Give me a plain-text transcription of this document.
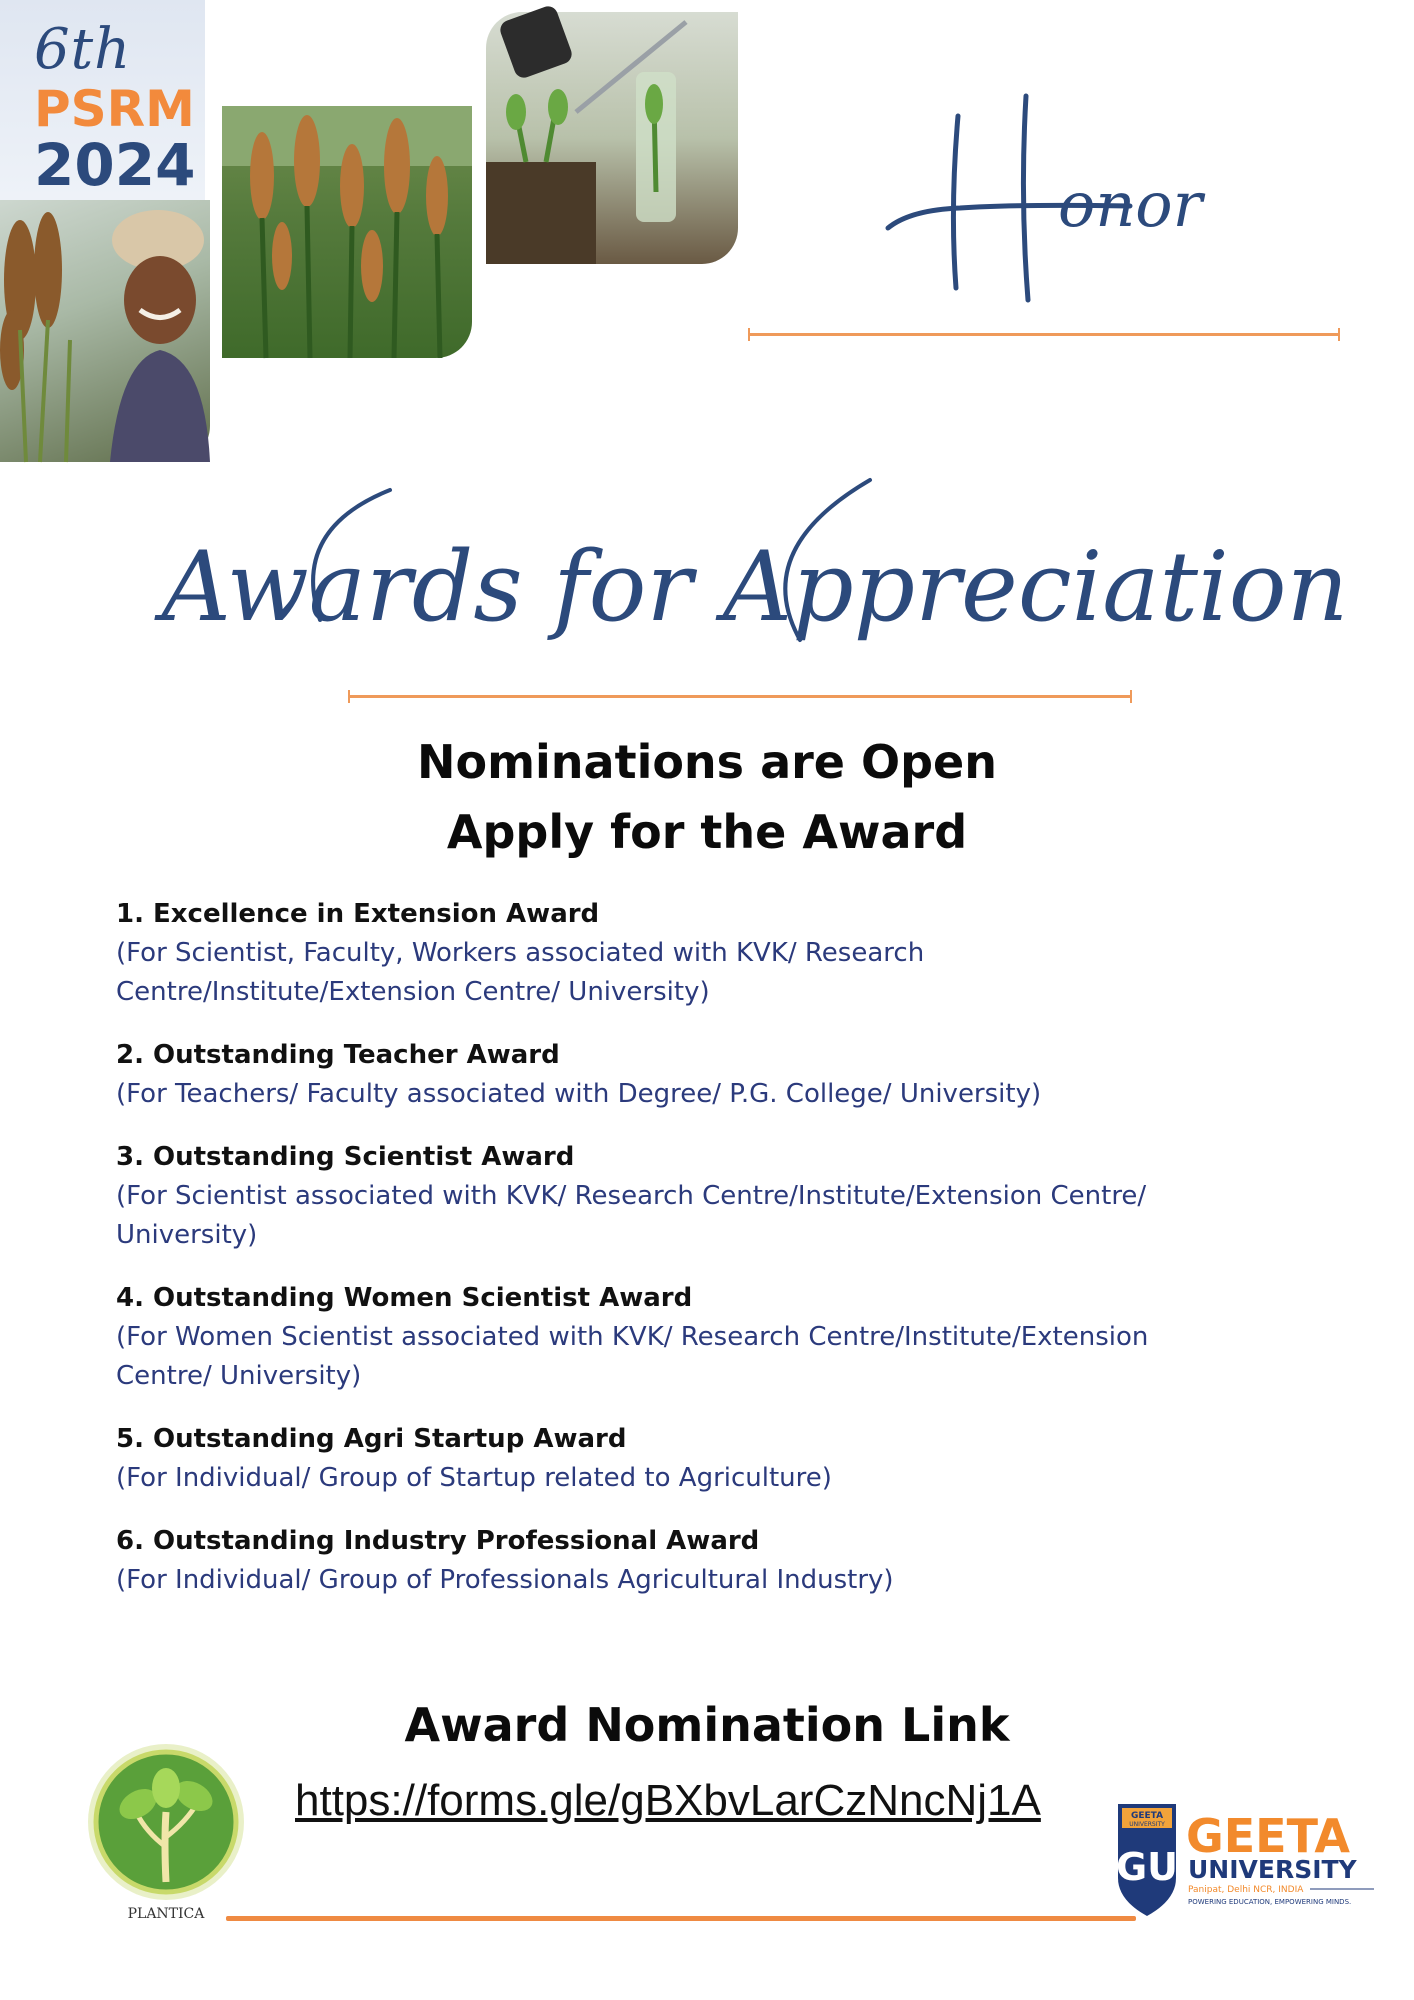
6th
PSRM
2024
onor
Awards for Appreciation
Nominations are Open
Apply for the Award
1. Excellence in Extension Award
(For Scientist, Faculty, Workers associated with KVK/ Research
Centre/Institute/Extension Centre/ University)
2. Outstanding Teacher Award
(For Teachers/ Faculty associated with Degree/ P.G. College/ University)
3. Outstanding Scientist Award
(For Scientist associated with KVK/ Research Centre/Institute/Extension Centre/
University)
4. Outstanding Women Scientist Award
(For Women Scientist associated with KVK/ Research Centre/Institute/Extension
Centre/ University)
5. Outstanding Agri Startup Award
(For Individual/ Group of Startup related to Agriculture)
6. Outstanding Industry Professional Award
(For Individual/ Group of Professionals Agricultural Industry)
Award Nomination Link
https://forms.gle/gBXbvLarCzNncNj1A
PLANTICA
GEETA
UNIVERSITY
GU
GEETA
UNIVERSITY
Panipat, Delhi NCR, INDIA
POWERING EDUCATION, EMPOWERING MINDS.
